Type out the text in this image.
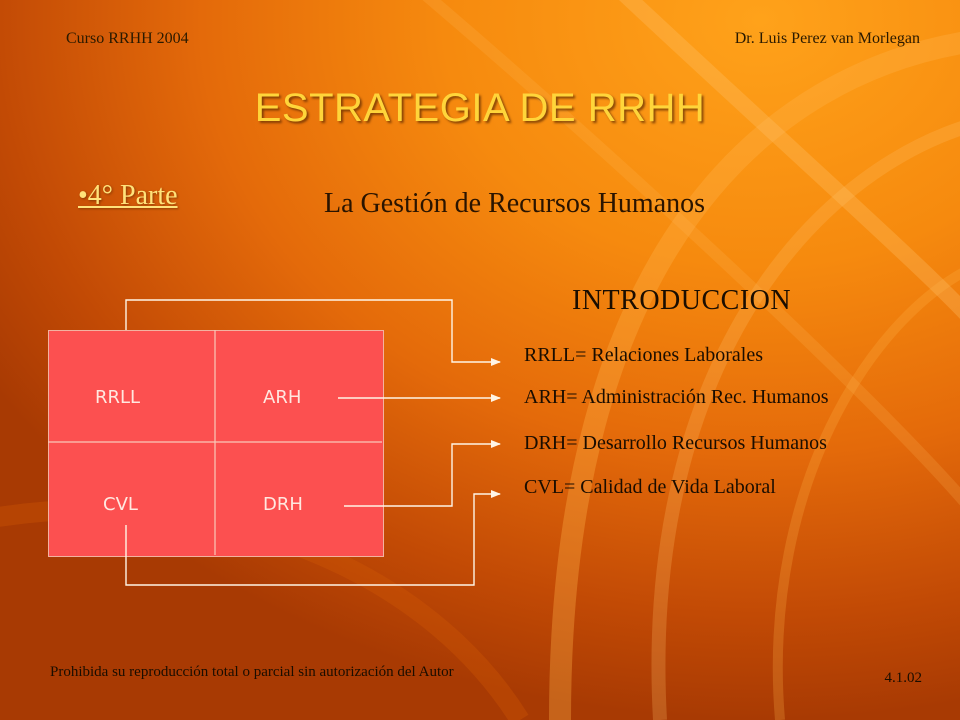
Curso RRHH 2004	Dr. Luis Perez van Morlegan
ESTRATEGIA DE RRHH
•4° Parte	La Gestión de Recursos Humanos
INTRODUCCION
RRLL	ARH
CVL	DRH
RRLL= Relaciones Laborales
ARH= Administración Rec. Humanos
DRH= Desarrollo Recursos Humanos
CVL= Calidad de Vida Laboral
Prohibida su reproducción total o parcial sin autorización del Autor	4.1.02
